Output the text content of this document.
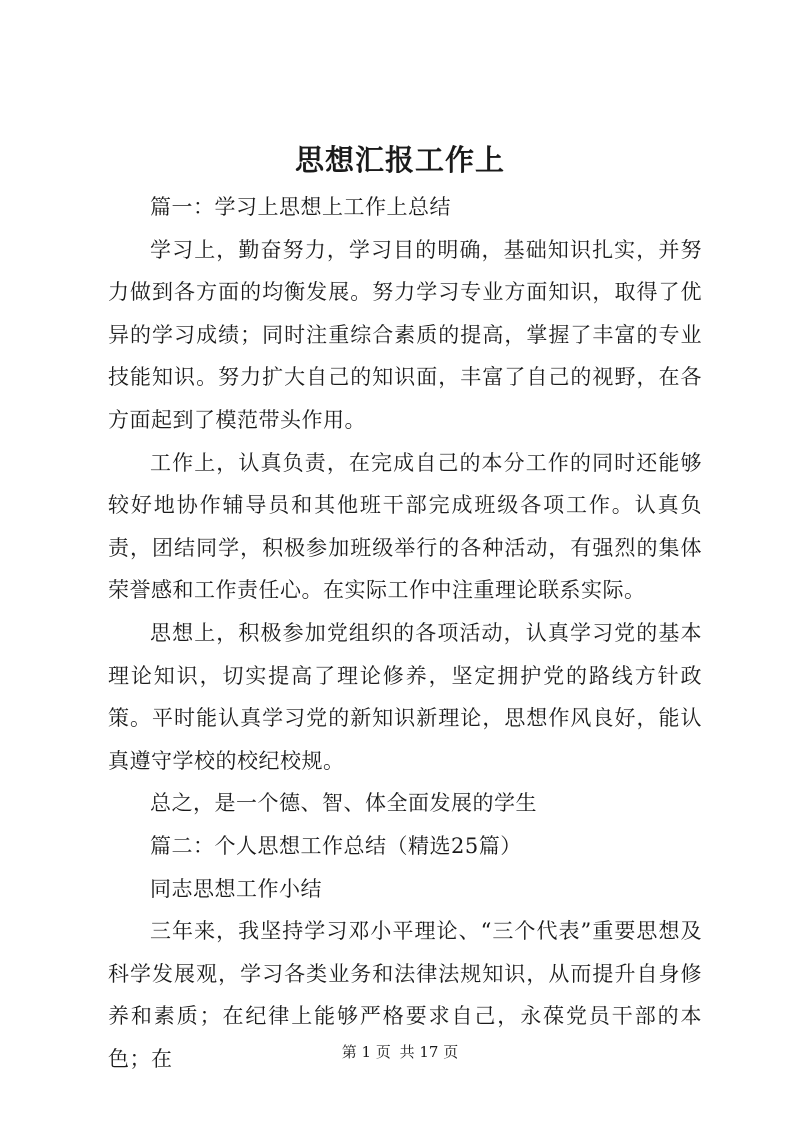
思想汇报工作上

篇一：学习上思想上工作上总结

学习上，勤奋努力，学习目的明确，基础知识扎实，并努力做到各方面的均衡发展。努力学习专业方面知识，取得了优异的学习成绩；同时注重综合素质的提高，掌握了丰富的专业技能知识。努力扩大自己的知识面，丰富了自己的视野，在各方面起到了模范带头作用。

工作上，认真负责，在完成自己的本分工作的同时还能够较好地协作辅导员和其他班干部完成班级各项工作。认真负责，团结同学，积极参加班级举行的各种活动，有强烈的集体荣誉感和工作责任心。在实际工作中注重理论联系实际。

思想上，积极参加党组织的各项活动，认真学习党的基本理论知识，切实提高了理论修养，坚定拥护党的路线方针政策。平时能认真学习党的新知识新理论，思想作风良好，能认真遵守学校的校纪校规。

总之，是一个德、智、体全面发展的学生

篇二：个人思想工作总结（精选25篇）

同志思想工作小结

三年来，我坚持学习邓小平理论、“三个代表”重要思想及科学发展观，学习各类业务和法律法规知识，从而提升自身修养和素质；在纪律上能够严格要求自己，永葆党员干部的本色；在	第 1 页 共 17 页
